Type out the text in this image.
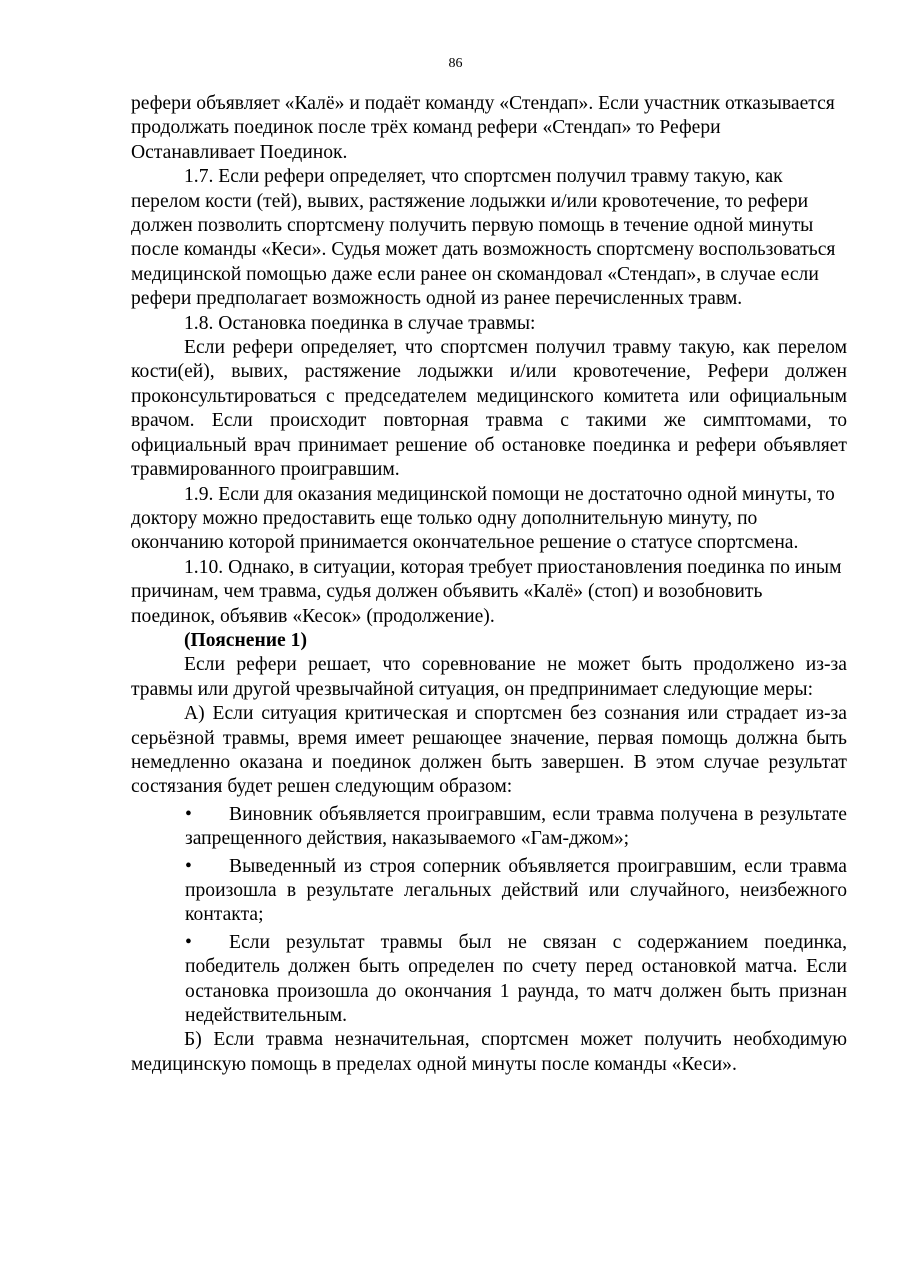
86

рефери объявляет «Калё» и подаёт команду «Стендап». Если участник отказывается продолжать поединок после трёх команд рефери «Стендап» то Рефери Останавливает Поединок.

1.7. Если рефери определяет, что спортсмен получил травму такую, как перелом кости (тей), вывих, растяжение лодыжки и/или кровотечение, то рефери должен позволить спортсмену получить первую помощь в течение одной минуты после команды «Кеси». Судья может дать возможность спортсмену воспользоваться медицинской помощью даже если ранее он скомандовал «Стендап», в случае если рефери предполагает возможность одной из ранее перечисленных травм.

1.8. Остановка поединка в случае травмы:

Если рефери определяет, что спортсмен получил травму такую, как перелом кости(ей), вывих, растяжение лодыжки и/или кровотечение, Рефери должен проконсультироваться с председателем медицинского комитета или официальным врачом. Если происходит повторная травма с такими же симптомами, то официальный врач принимает решение об остановке поединка и рефери объявляет травмированного проигравшим.

1.9. Если для оказания медицинской помощи не достаточно одной минуты, то доктору можно предоставить еще только одну дополнительную минуту, по окончанию которой принимается окончательное решение о статусе спортсмена.

1.10. Однако, в ситуации, которая требует приостановления поединка по иным причинам, чем травма, судья должен объявить «Калё» (стоп) и возобновить поединок, объявив «Кесок» (продолжение).

(Пояснение 1)

Если рефери решает, что соревнование не может быть продолжено из-за травмы или другой чрезвычайной ситуация, он предпринимает следующие меры:

А) Если ситуация критическая и спортсмен без сознания или страдает из-за серьёзной травмы, время имеет решающее значение, первая помощь должна быть немедленно оказана и поединок должен быть завершен. В этом случае результат состязания будет решен следующим образом:

• Виновник объявляется проигравшим, если травма получена в результате запрещенного действия, наказываемого «Гам-джом»;
• Выведенный из строя соперник объявляется проигравшим, если травма произошла в результате легальных действий или случайного, неизбежного контакта;
• Если результат травмы был не связан с содержанием поединка, победитель должен быть определен по счету перед остановкой матча. Если остановка произошла до окончания 1 раунда, то матч должен быть признан недействительным.

Б) Если травма незначительная, спортсмен может получить необходимую медицинскую помощь в пределах одной минуты после команды «Кеси».
